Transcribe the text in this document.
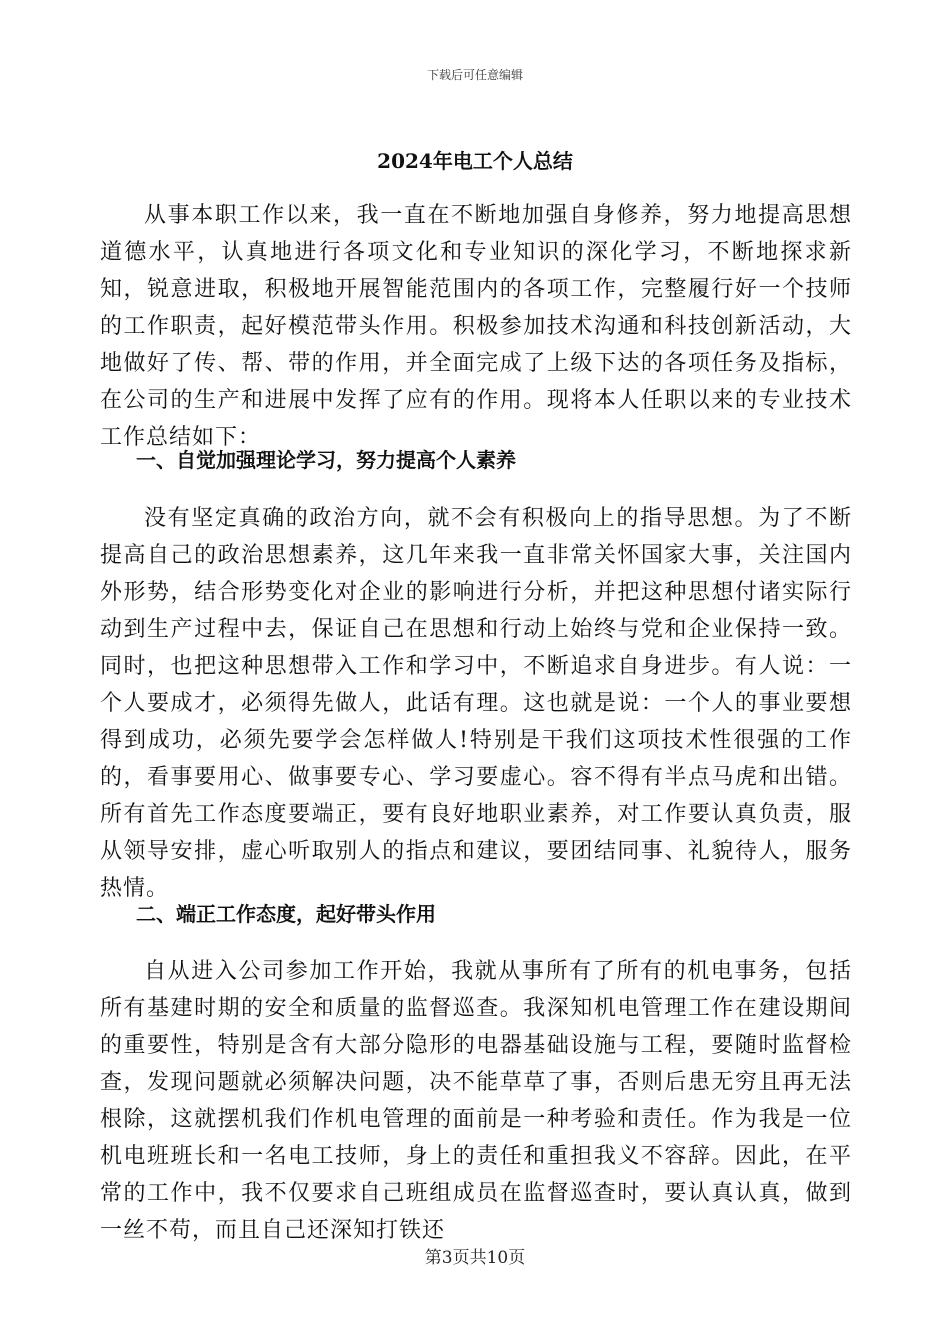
下载后可任意编辑
2024年电工个人总结

从事本职工作以来，我一直在不断地加强自身修养，努力地提高思想道德水平，认真地进行各项文化和专业知识的深化学习，不断地探求新知，锐意进取，积极地开展智能范围内的各项工作，完整履行好一个技师的工作职责，起好模范带头作用。积极参加技术沟通和科技创新活动，大地做好了传、帮、带的作用，并全面完成了上级下达的各项任务及指标，在公司的生产和进展中发挥了应有的作用。现将本人任职以来的专业技术工作总结如下：

一、自觉加强理论学习，努力提高个人素养

没有坚定真确的政治方向，就不会有积极向上的指导思想。为了不断提高自己的政治思想素养，这几年来我一直非常关怀国家大事，关注国内外形势，结合形势变化对企业的影响进行分析，并把这种思想付诸实际行动到生产过程中去，保证自己在思想和行动上始终与党和企业保持一致。同时，也把这种思想带入工作和学习中，不断追求自身进步。有人说：一个人要成才，必须得先做人，此话有理。这也就是说：一个人的事业要想得到成功，必须先要学会怎样做人!特别是干我们这项技术性很强的工作的，看事要用心、做事要专心、学习要虚心。容不得有半点马虎和出错。所有首先工作态度要端正，要有良好地职业素养，对工作要认真负责，服从领导安排，虚心听取别人的指点和建议，要团结同事、礼貌待人，服务热情。

二、端正工作态度，起好带头作用

自从进入公司参加工作开始，我就从事所有了所有的机电事务，包括所有基建时期的安全和质量的监督巡查。我深知机电管理工作在建设期间的重要性，特别是含有大部分隐形的电器基础设施与工程，要随时监督检查，发现问题就必须解决问题，决不能草草了事，否则后患无穷且再无法根除，这就摆机我们作机电管理的面前是一种考验和责任。作为我是一位机电班班长和一名电工技师，身上的责任和重担我义不容辞。因此，在平常的工作中，我不仅要求自己班组成员在监督巡查时，要认真认真，做到一丝不苟，而且自己还深知打铁还

第3页共10页
